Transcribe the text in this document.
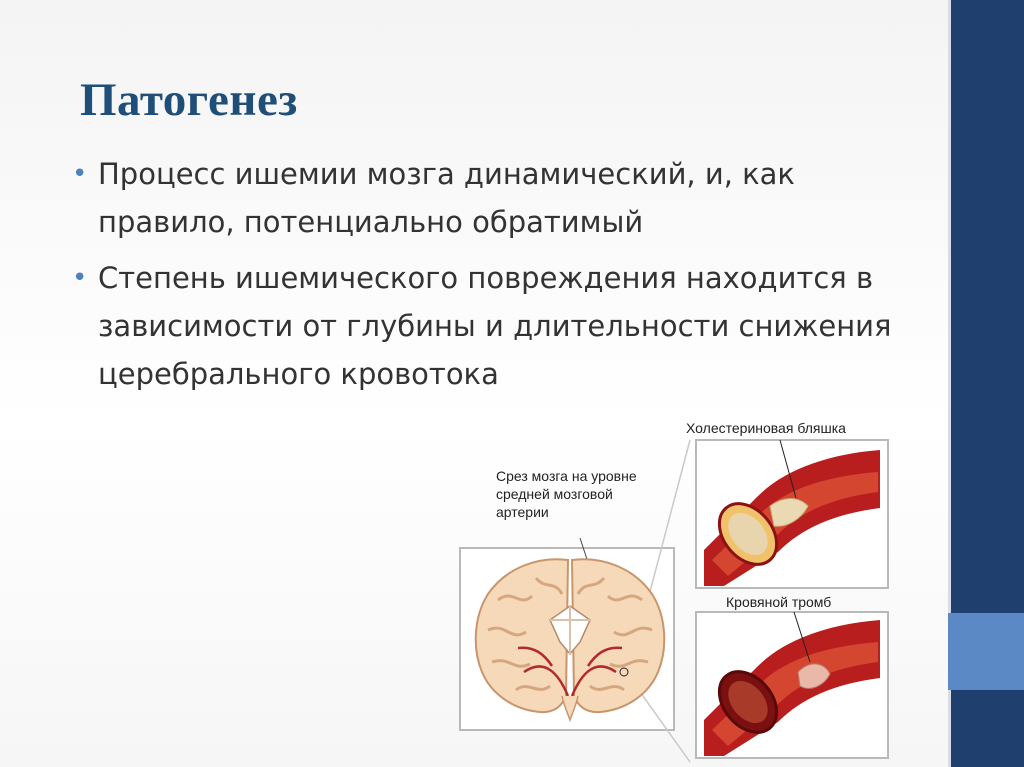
Патогенез
• Процесс ишемии мозга динамический, и, как правило, потенциально обратимый
• Степень ишемического повреждения находится в зависимости от глубины и длительности снижения церебрального кровотока
Срез мозга на уровне средней мозговой артерии
Холестериновая бляшка
Кровяной тромб
